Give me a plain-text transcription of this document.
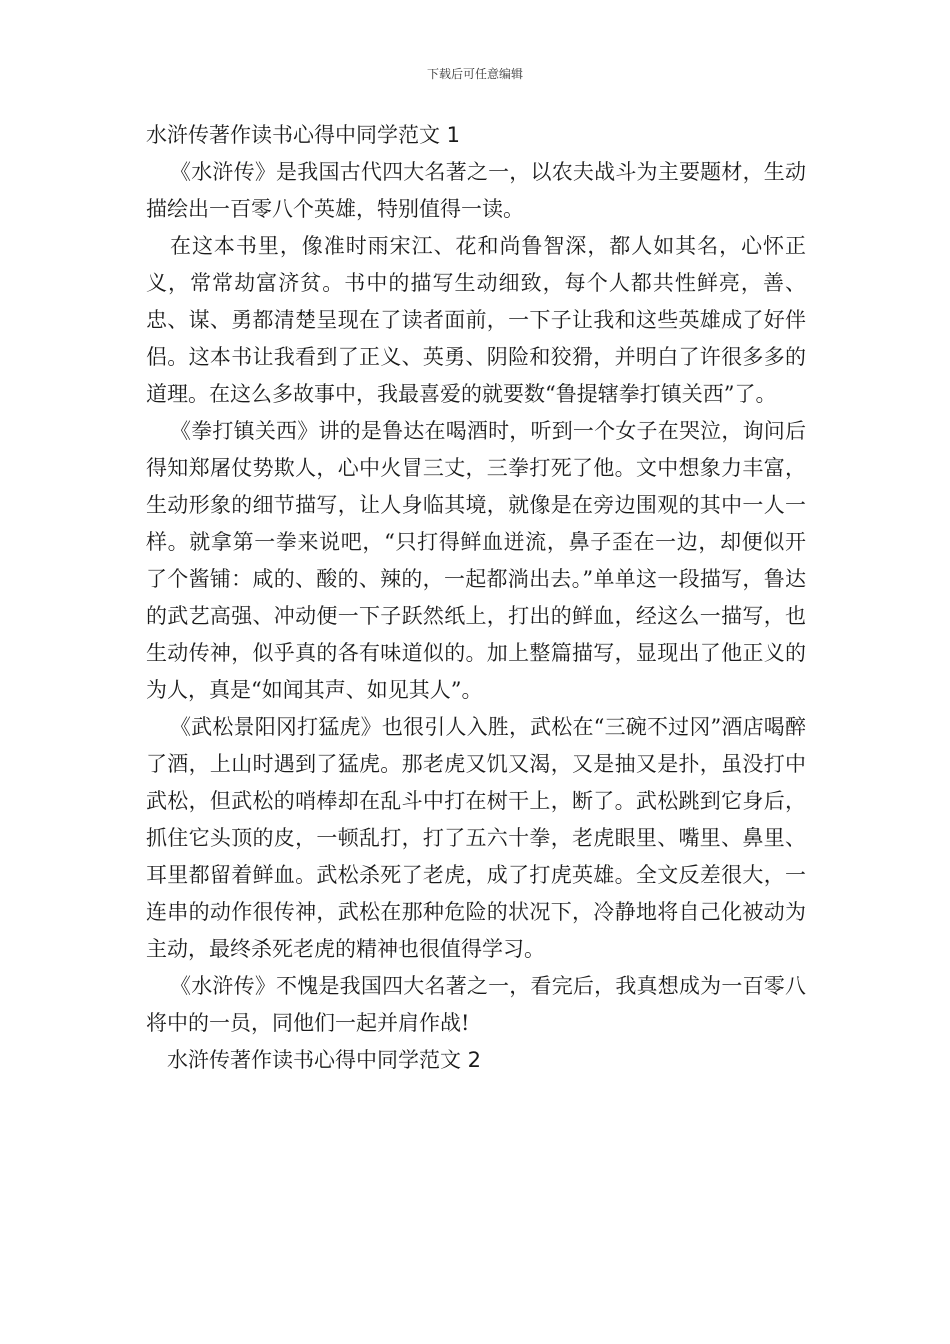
下载后可任意编辑
水浒传著作读书心得中同学范文 1

《水浒传》是我国古代四大名著之一，以农夫战斗为主要题材，生动描绘出一百零八个英雄，特别值得一读。

在这本书里，像准时雨宋江、花和尚鲁智深，都人如其名，心怀正义，常常劫富济贫。书中的描写生动细致，每个人都共性鲜亮，善、忠、谋、勇都清楚呈现在了读者面前，一下子让我和这些英雄成了好伴侣。这本书让我看到了正义、英勇、阴险和狡猾，并明白了许很多多的道理。在这么多故事中，我最喜爱的就要数“鲁提辖拳打镇关西”了。

《拳打镇关西》讲的是鲁达在喝酒时，听到一个女子在哭泣，询问后得知郑屠仗势欺人，心中火冒三丈，三拳打死了他。文中想象力丰富，生动形象的细节描写，让人身临其境，就像是在旁边围观的其中一人一样。就拿第一拳来说吧，“只打得鲜血迸流，鼻子歪在一边，却便似开了个酱铺：咸的、酸的、辣的，一起都淌出去。”单单这一段描写，鲁达的武艺高强、冲动便一下子跃然纸上，打出的鲜血，经这么一描写，也生动传神，似乎真的各有味道似的。加上整篇描写，显现出了他正义的为人，真是“如闻其声、如见其人”。

《武松景阳冈打猛虎》也很引人入胜，武松在“三碗不过冈”酒店喝醉了酒，上山时遇到了猛虎。那老虎又饥又渴，又是抽又是扑，虽没打中武松，但武松的哨棒却在乱斗中打在树干上，断了。武松跳到它身后，抓住它头顶的皮，一顿乱打，打了五六十拳，老虎眼里、嘴里、鼻里、耳里都留着鲜血。武松杀死了老虎，成了打虎英雄。全文反差很大，一连串的动作很传神，武松在那种危险的状况下，冷静地将自己化被动为主动，最终杀死老虎的精神也很值得学习。

《水浒传》不愧是我国四大名著之一，看完后，我真想成为一百零八将中的一员，同他们一起并肩作战!

水浒传著作读书心得中同学范文 2
